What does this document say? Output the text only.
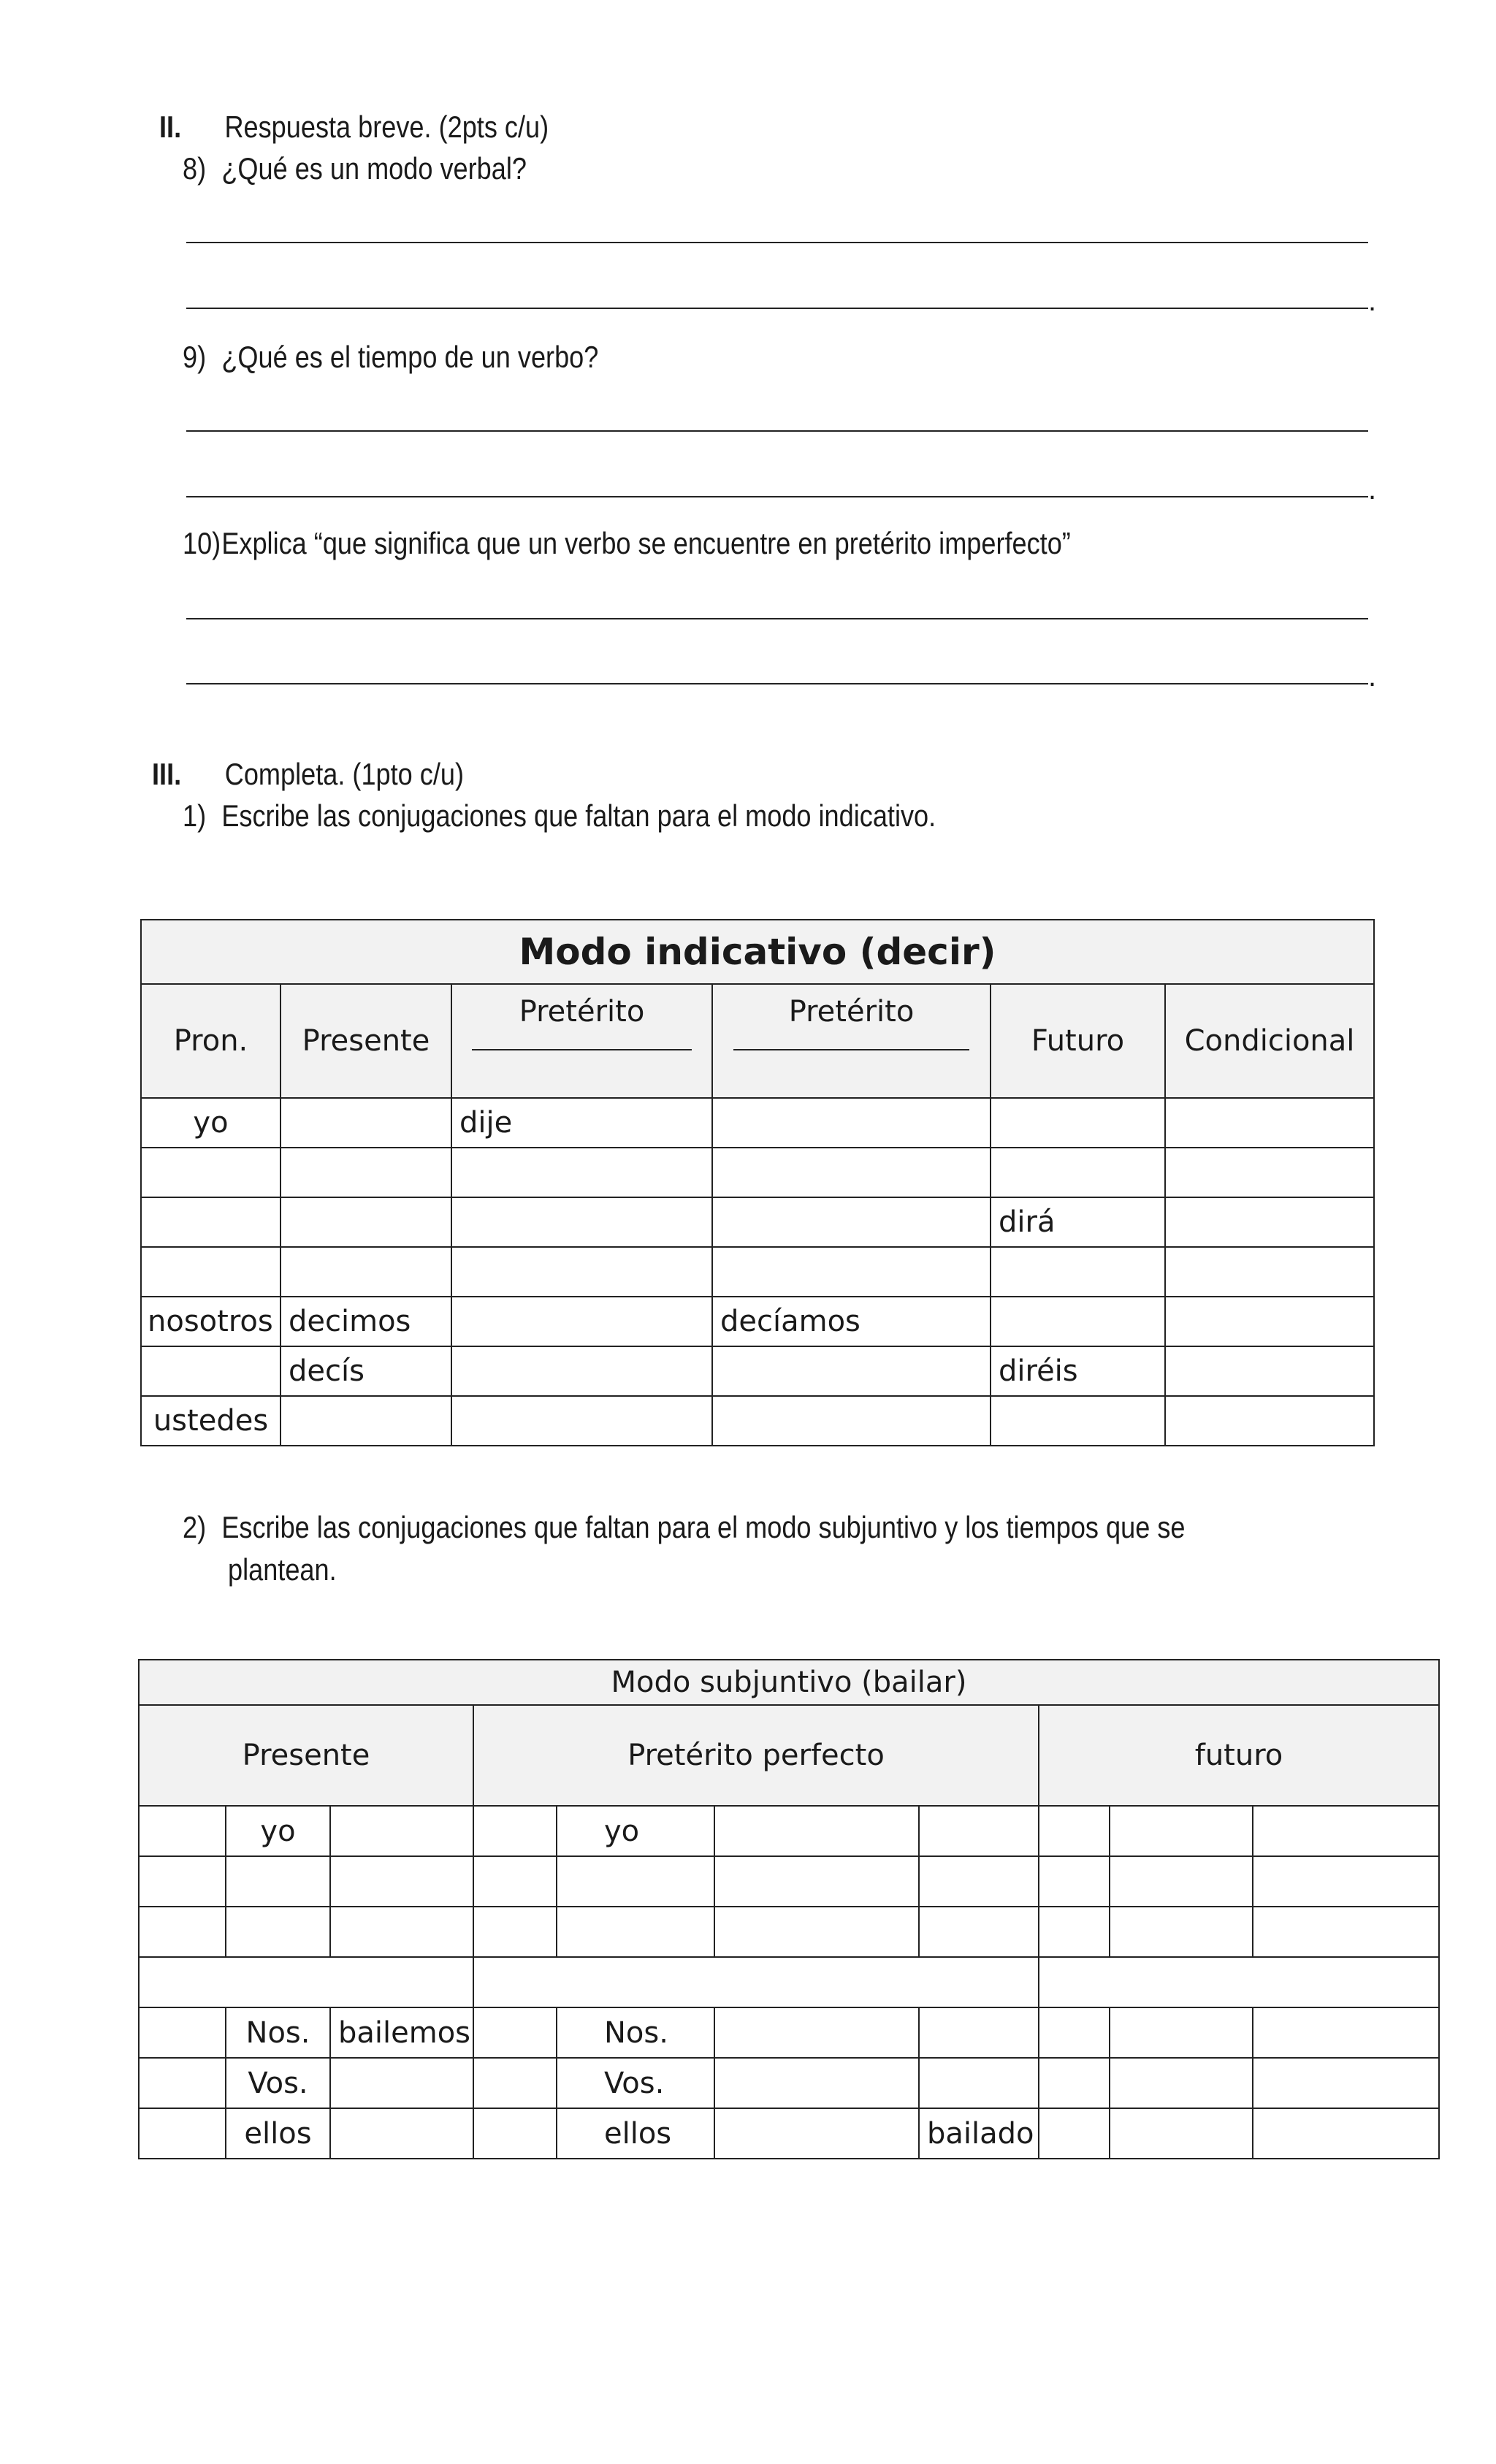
II. Respuesta breve. (2pts c/u)
8) ¿Qué es un modo verbal?
.
9) ¿Qué es el tiempo de un verbo?
.
10)Explica “que significa que un verbo se encuentre en pretérito imperfecto”
.
III. Completa. (1pto c/u)
1) Escribe las conjugaciones que faltan para el modo indicativo.
Modo indicativo (decir)					
Pron.	Presente	Pretérito	Pretérito	Futuro	Condicional
yo		dije			

				dirá	

nosotros	decimos		decíamos		
	decís			diréis	
ustedes					
2) Escribe las conjugaciones que faltan para el modo subjuntivo y los tiempos que se
plantean.
Modo subjuntivo (bailar)									
Presente			Pretérito perfecto				futuro		
	yo			yo					

	Nos.	bailemos		Nos.					
	Vos.			Vos.					
	ellos			ellos		bailado			
